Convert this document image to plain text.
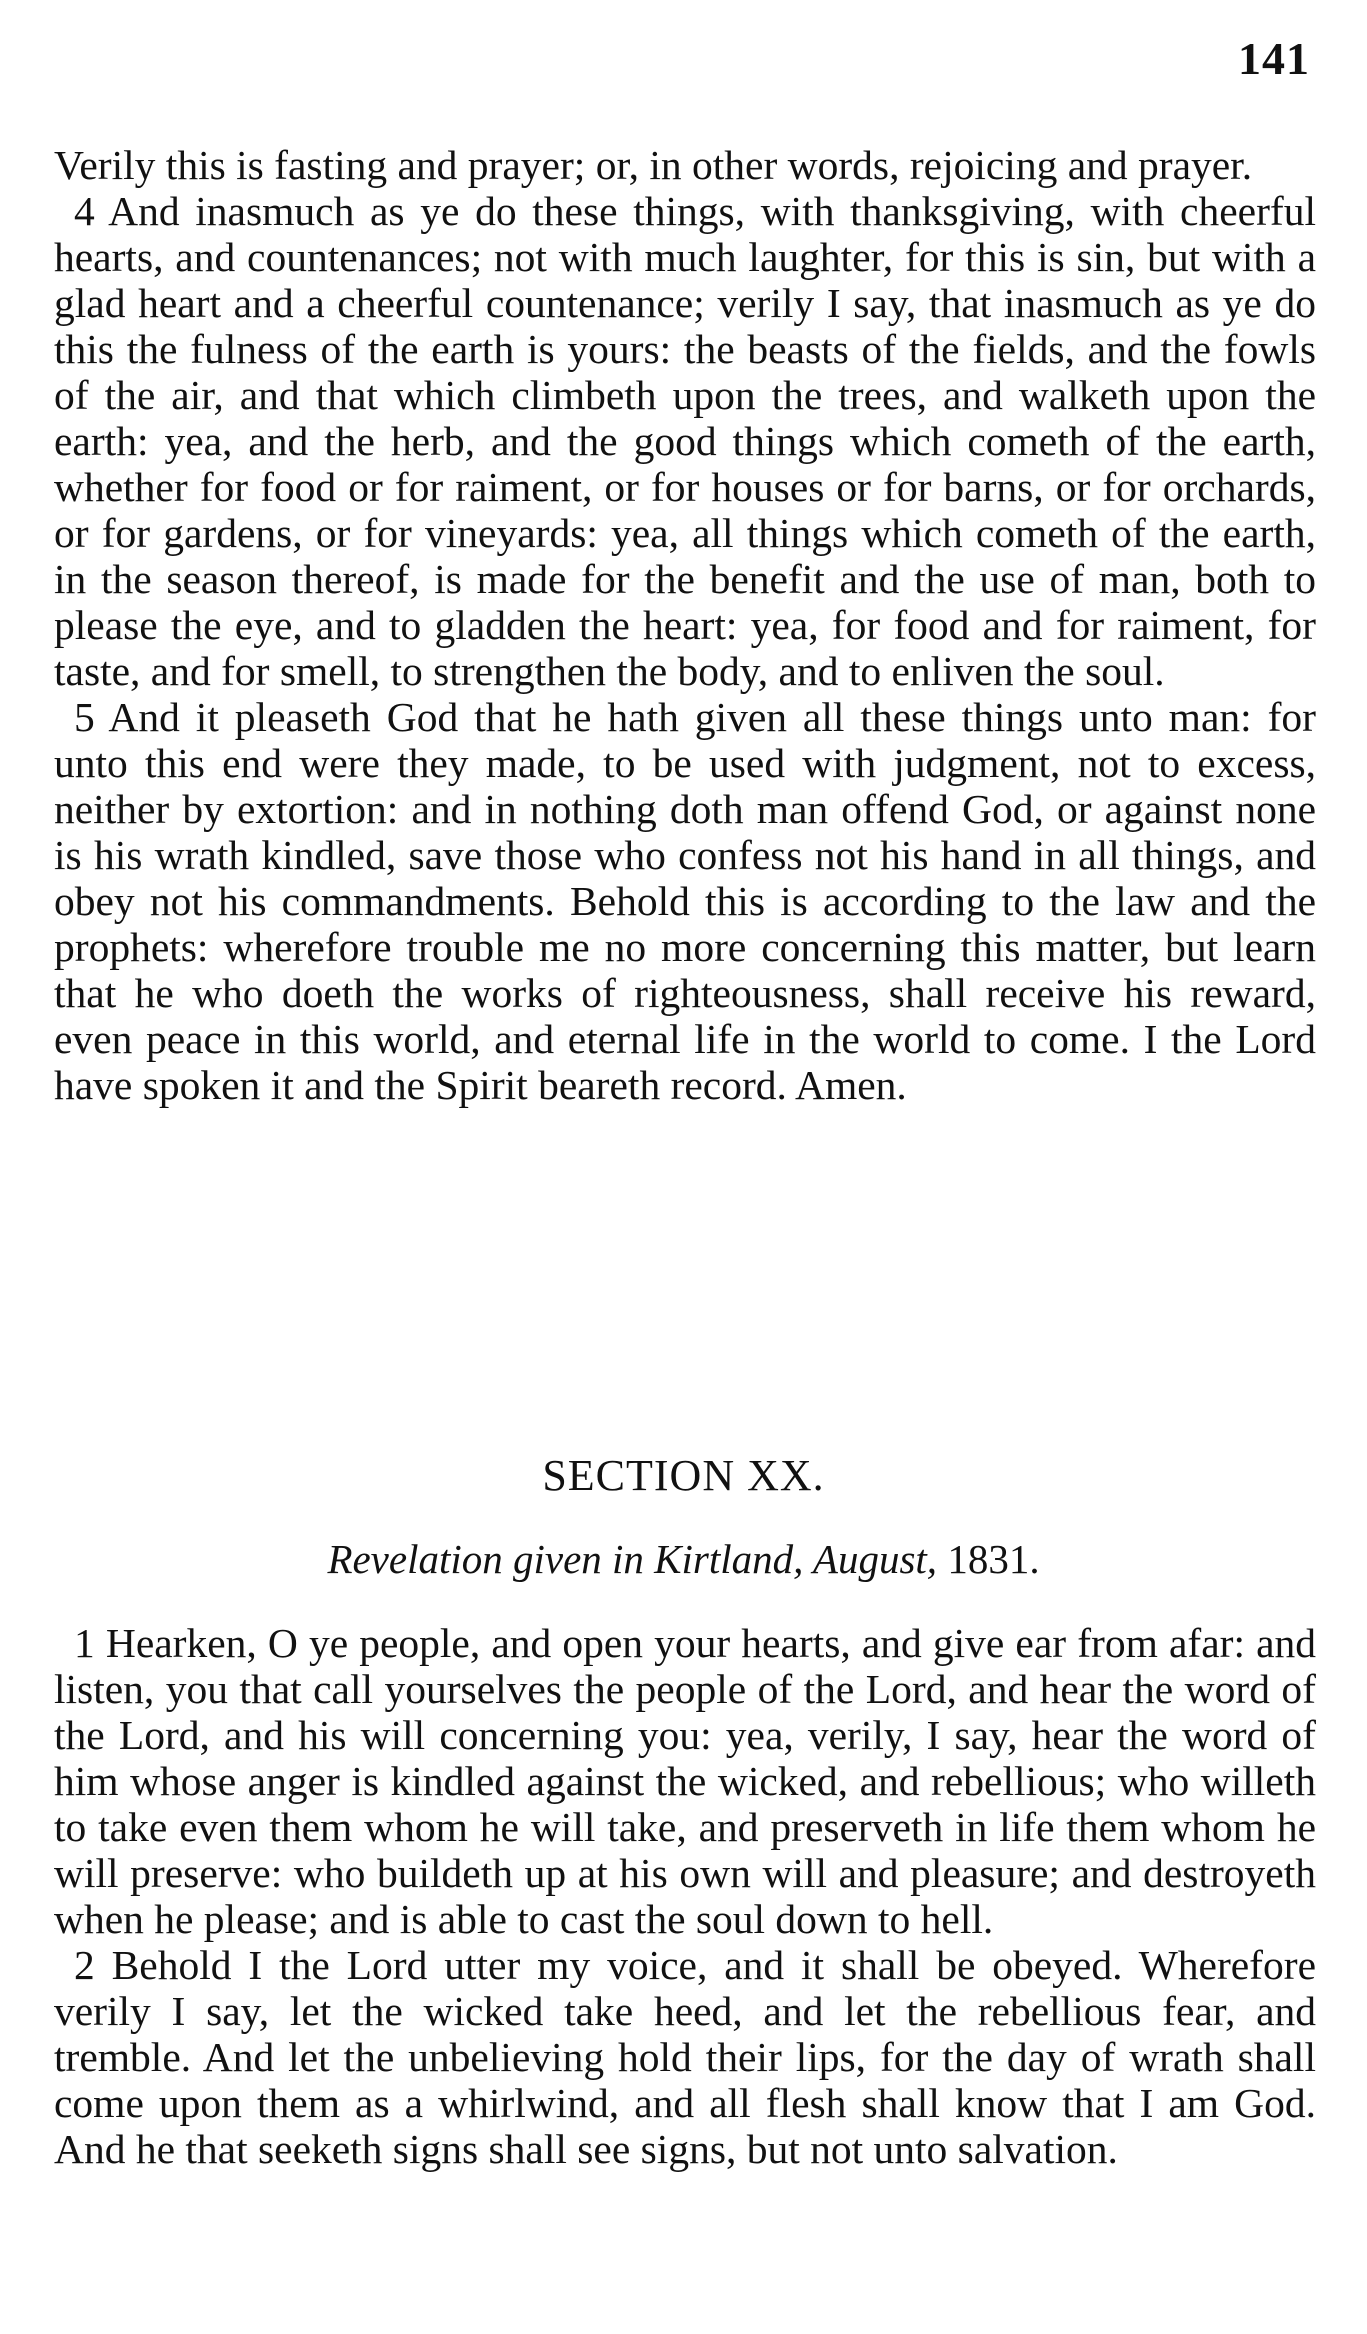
141

Verily this is fasting and prayer; or, in other words, rejoicing and prayer.

4 And inasmuch as ye do these things, with thanksgiving, with cheerful hearts, and countenances; not with much laughter, for this is sin, but with a glad heart and a cheerful countenance; verily I say, that inasmuch as ye do this the fulness of the earth is yours: the beasts of the fields, and the fowls of the air, and that which climbeth upon the trees, and walketh upon the earth: yea, and the herb, and the good things which cometh of the earth, whether for food or for raiment, or for houses or for barns, or for orchards, or for gardens, or for vineyards: yea, all things which cometh of the earth, in the season thereof, is made for the benefit and the use of man, both to please the eye, and to gladden the heart: yea, for food and for raiment, for taste, and for smell, to strengthen the body, and to enliven the soul.

5 And it pleaseth God that he hath given all these things unto man: for unto this end were they made, to be used with judgment, not to excess, neither by extortion: and in nothing doth man offend God, or against none is his wrath kindled, save those who confess not his hand in all things, and obey not his commandments. Behold this is according to the law and the prophets: wherefore trouble me no more concerning this matter, but learn that he who doeth the works of righteousness, shall receive his reward, even peace in this world, and eternal life in the world to come. I the Lord have spoken it and the Spirit beareth record. Amen.

SECTION XX.
Revelation given in Kirtland, August, 1831.

1 Hearken, O ye people, and open your hearts, and give ear from afar: and listen, you that call yourselves the people of the Lord, and hear the word of the Lord, and his will concerning you: yea, verily, I say, hear the word of him whose anger is kindled against the wicked, and rebellious; who willeth to take even them whom he will take, and preserveth in life them whom he will preserve: who buildeth up at his own will and pleasure; and destroyeth when he please; and is able to cast the soul down to hell.

2 Behold I the Lord utter my voice, and it shall be obeyed. Wherefore verily I say, let the wicked take heed, and let the rebellious fear, and tremble. And let the unbelieving hold their lips, for the day of wrath shall come upon them as a whirlwind, and all flesh shall know that I am God. And he that seeketh signs shall see signs, but not unto salvation.
